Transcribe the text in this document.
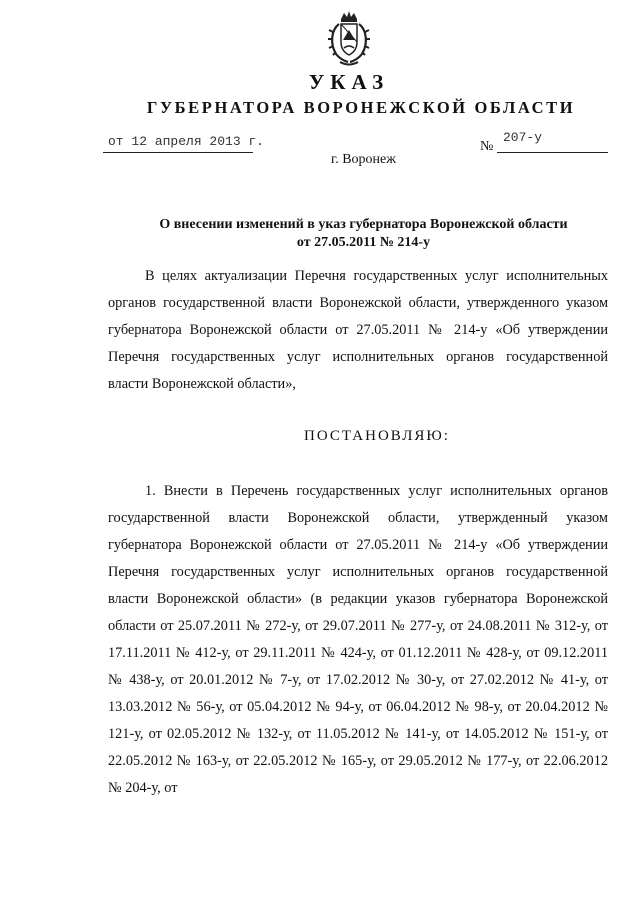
УКАЗ
ГУБЕРНАТОРА ВОРОНЕЖСКОЙ ОБЛАСТИ
от 12 апреля 2013 г.	№
207-у
г. Воронеж
О внесении изменений в указ губернатора Воронежской области
от 27.05.2011 № 214-у
В целях актуализации Перечня государственных услуг исполнительных органов государственной власти Воронежской области, утвержденного указом губернатора Воронежской области от 27.05.2011 № 214-у «Об утверждении Перечня государственных услуг исполнительных органов государственной власти Воронежской области»,
ПОСТАНОВЛЯЮ:
1. Внести в Перечень государственных услуг исполнительных органов государственной власти Воронежской области, утвержденный указом губернатора Воронежской области от 27.05.2011 № 214-у «Об утверждении Перечня государственных услуг исполнительных органов государственной власти Воронежской области» (в редакции указов губернатора Воронежской области от 25.07.2011 № 272-у, от 29.07.2011 № 277-у, от 24.08.2011 № 312-у, от 17.11.2011 № 412-у, от 29.11.2011 № 424-у, от 01.12.2011 № 428-у, от 09.12.2011 № 438-у, от 20.01.2012 № 7-у, от 17.02.2012 № 30-у, от 27.02.2012 № 41-у, от 13.03.2012 № 56-у, от 05.04.2012 № 94-у, от 06.04.2012 № 98-у, от 20.04.2012 № 121-у, от 02.05.2012 № 132-у, от 11.05.2012 № 141-у, от 14.05.2012 № 151-у, от 22.05.2012 № 163-у, от 22.05.2012 № 165-у, от 29.05.2012 № 177-у, от 22.06.2012 № 204-у, от
